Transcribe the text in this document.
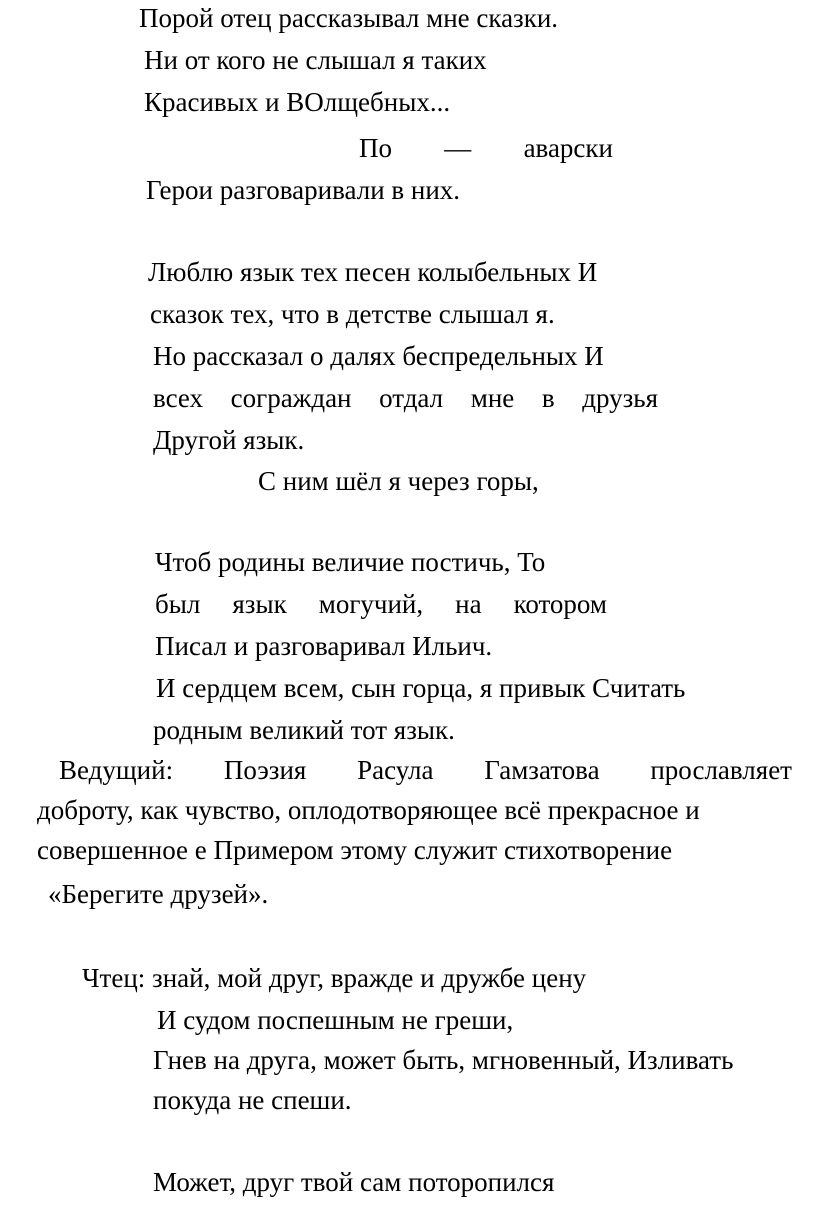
Порой отец рассказывал мне сказки.

Ни от кого не слышал я таких

Красивых и ВОлщебных...

По — аварски

Герои разговаривали в них.

Люблю язык тех песен колыбельных И

сказок тех, что в детстве слышал я.

Но рассказал о далях беспредельных И

всех сограждан отдал мне в друзья

Другой язык.

С ним шёл я через горы,

Чтоб родины величие постичь, То

был язык могучий, на котором

Писал и разговаривал Ильич.

И сердцем всем, сын горца, я привык Считать

родным великий тот язык.

Ведущий: Поэзия Расула Гамзатова прославляет

доброту, как чувство, оплодотворяющее всё прекрасное и

совершенное е Примером этому служит стихотворение

«Берегите друзей».

Чтец: знай, мой друг, вражде и дружбе цену

И судом поспешным не греши,

Гнев на друга, может быть, мгновенный, Изливать

покуда не спеши.

Может, друг твой сам поторопился
